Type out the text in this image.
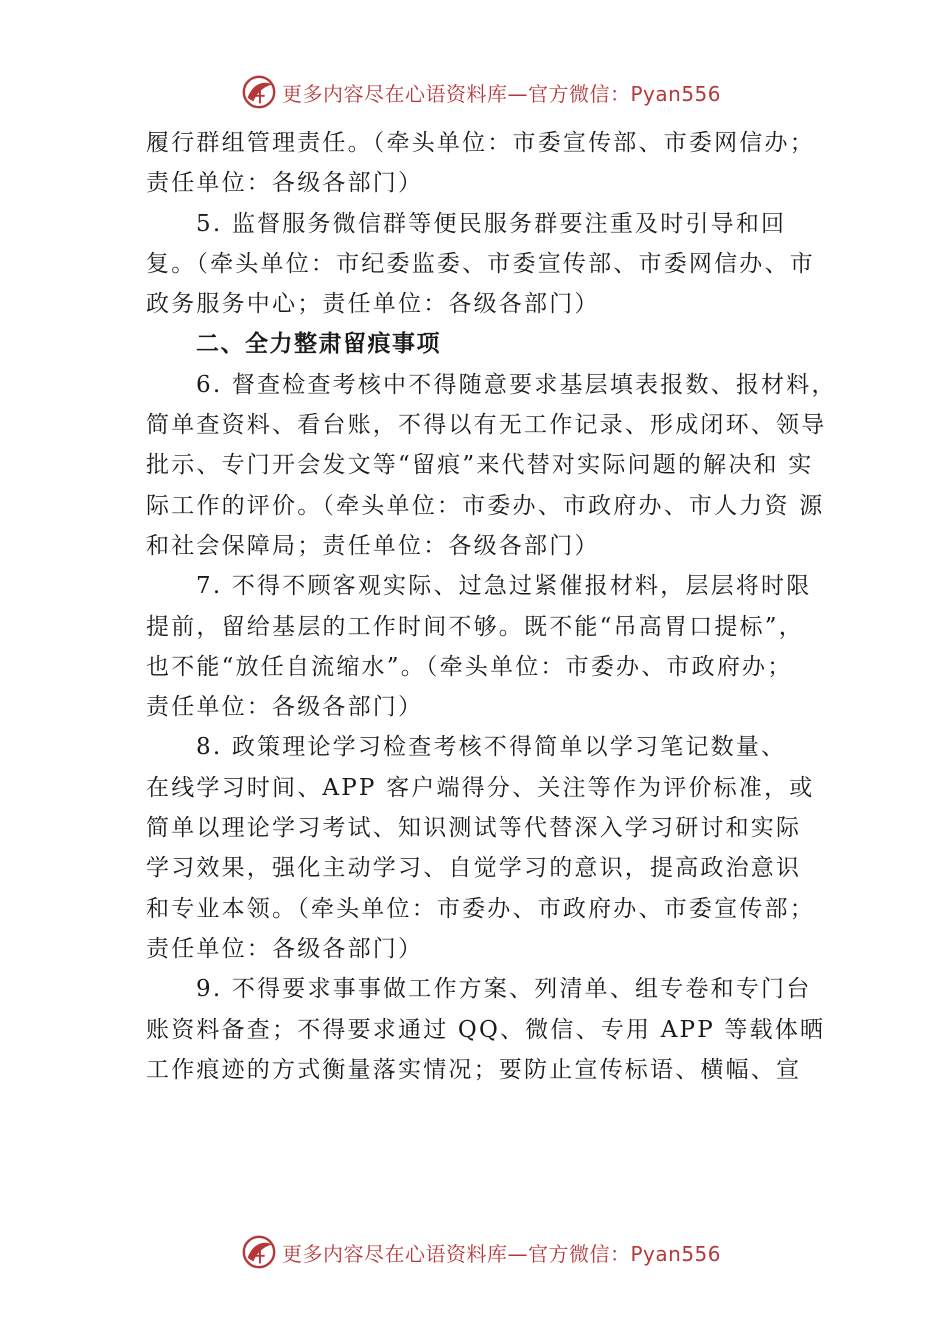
更多内容尽在心语资料库—官方微信：Pyan556
履行群组管理责任。（牵头单位：市委宣传部、市委网信办；
责任单位：各级各部门）
5. 监督服务微信群等便民服务群要注重及时引导和回
复。（牵头单位：市纪委监委、市委宣传部、市委网信办、市
政务服务中心；责任单位：各级各部门）
二、全力整肃留痕事项
6. 督查检查考核中不得随意要求基层填表报数、报材料，
简单查资料、看台账，不得以有无工作记录、形成闭环、领导
批示、专门开会发文等“留痕”来代替对实际问题的解决和 实
际工作的评价。（牵头单位：市委办、市政府办、市人力资 源
和社会保障局；责任单位：各级各部门）
7. 不得不顾客观实际、过急过紧催报材料，层层将时限
提前，留给基层的工作时间不够。既不能“吊高胃口提标”，
也不能“放任自流缩水”。（牵头单位：市委办、市政府办；
责任单位：各级各部门）
8. 政策理论学习检查考核不得简单以学习笔记数量、
在线学习时间、APP 客户端得分、关注等作为评价标准，或
简单以理论学习考试、知识测试等代替深入学习研讨和实际
学习效果，强化主动学习、自觉学习的意识，提高政治意识
和专业本领。（牵头单位：市委办、市政府办、市委宣传部；
责任单位：各级各部门）
9. 不得要求事事做工作方案、列清单、组专卷和专门台
账资料备查；不得要求通过 QQ、微信、专用 APP 等载体晒
工作痕迹的方式衡量落实情况；要防止宣传标语、横幅、宣
更多内容尽在心语资料库—官方微信：Pyan556
